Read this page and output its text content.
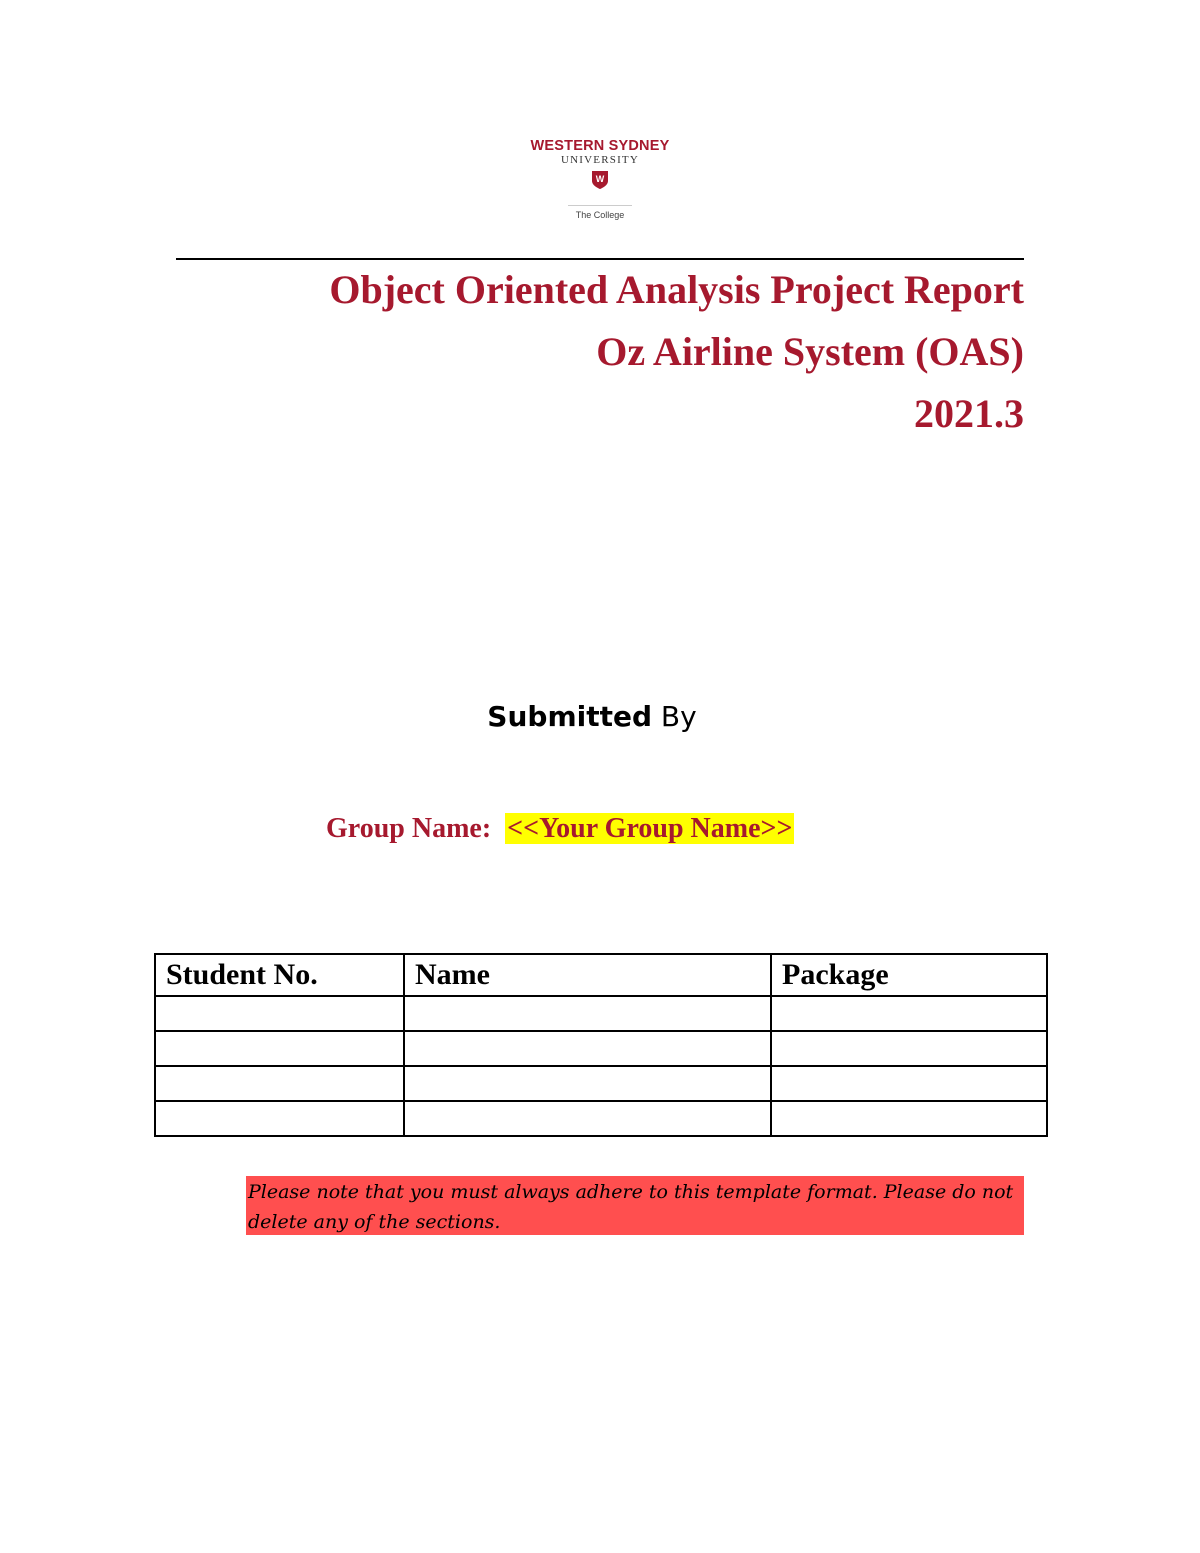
WESTERN SYDNEY
UNIVERSITY
W
The College
Object Oriented Analysis Project Report
Oz Airline System (OAS)
2021.3
Submitted By
Group Name: <<Your Group Name>>
Student No.	Name	Package

Please note that you must always adhere to this template format. Please do not delete any of the sections.
